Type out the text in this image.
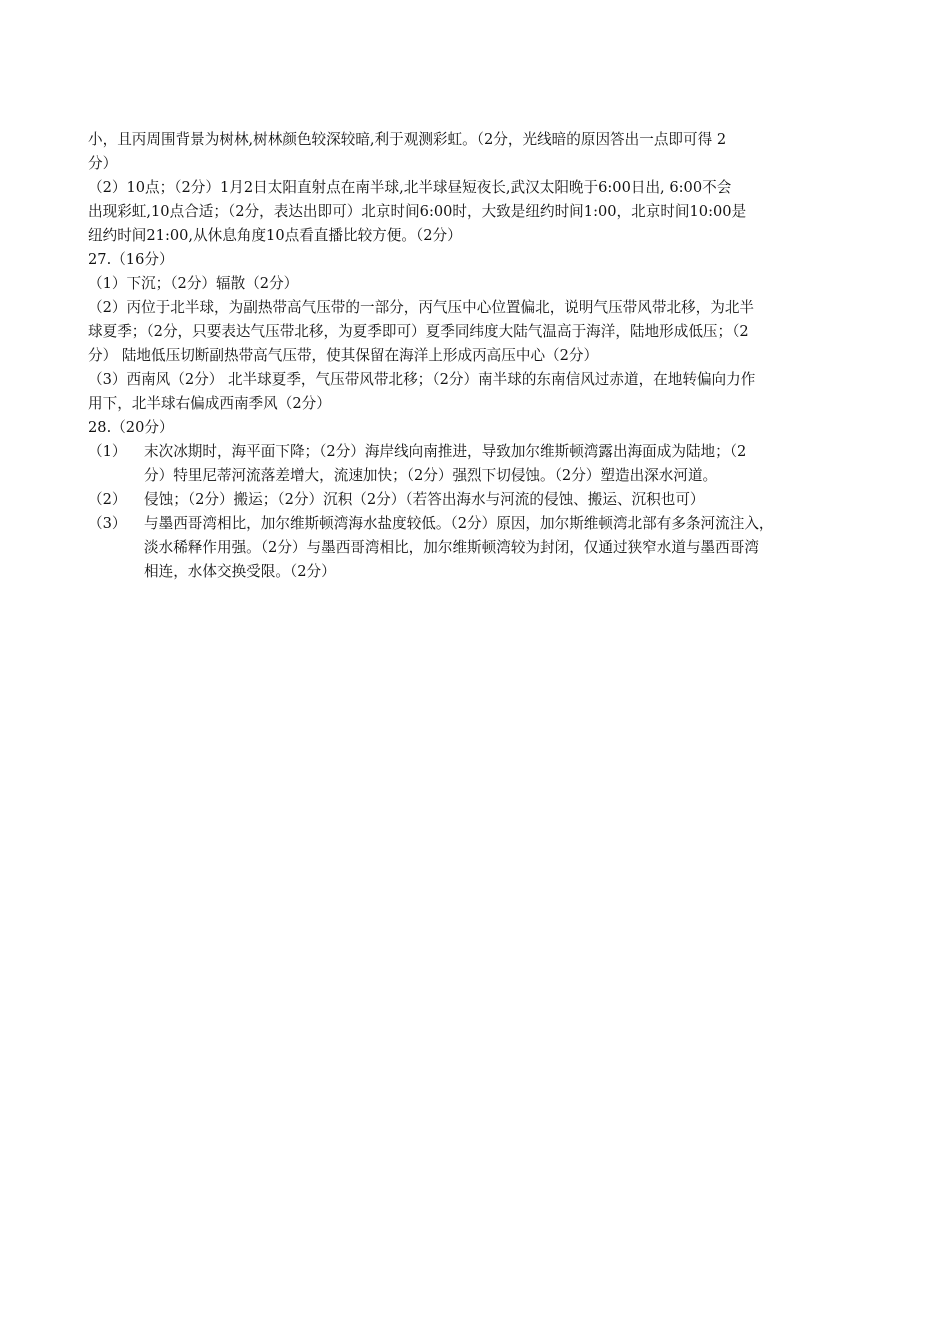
小，且丙周围背景为树林,树林颜色较深较暗,利于观测彩虹。（2分，光线暗的原因答出一点即可得 2
分）
（2）10点；（2分）1月2日太阳直射点在南半球,北半球昼短夜长,武汉太阳晚于6:00日出, 6:00不会
出现彩虹,10点合适；（2分，表达出即可）北京时间6:00时，大致是纽约时间1:00，北京时间10:00是
纽约时间21:00,从休息角度10点看直播比较方便。（2分）
27.（16分）
（1）下沉；（2分）辐散（2分）
（2）丙位于北半球，为副热带高气压带的一部分，丙气压中心位置偏北，说明气压带风带北移，为北半
球夏季；（2分，只要表达气压带北移，为夏季即可）夏季同纬度大陆气温高于海洋，陆地形成低压；（2
分） 陆地低压切断副热带高气压带，使其保留在海洋上形成丙高压中心（2分）
（3）西南风（2分） 北半球夏季，气压带风带北移；（2分）南半球的东南信风过赤道，在地转偏向力作
用下，北半球右偏成西南季风（2分）
28.（20分）
（1）	末次冰期时，海平面下降；（2分）海岸线向南推进，导致加尔维斯顿湾露出海面成为陆地；（2
分）特里尼蒂河流落差增大，流速加快；（2分）强烈下切侵蚀。（2分）塑造出深水河道。
（2）	侵蚀；（2分）搬运；（2分）沉积（2分）（若答出海水与河流的侵蚀、搬运、沉积也可）
（3）	与墨西哥湾相比，加尔维斯顿湾海水盐度较低。（2分）原因，加尔斯维顿湾北部有多条河流注入，
淡水稀释作用强。（2分）与墨西哥湾相比，加尔维斯顿湾较为封闭，仅通过狭窄水道与墨西哥湾
相连，水体交换受限。（2分）
